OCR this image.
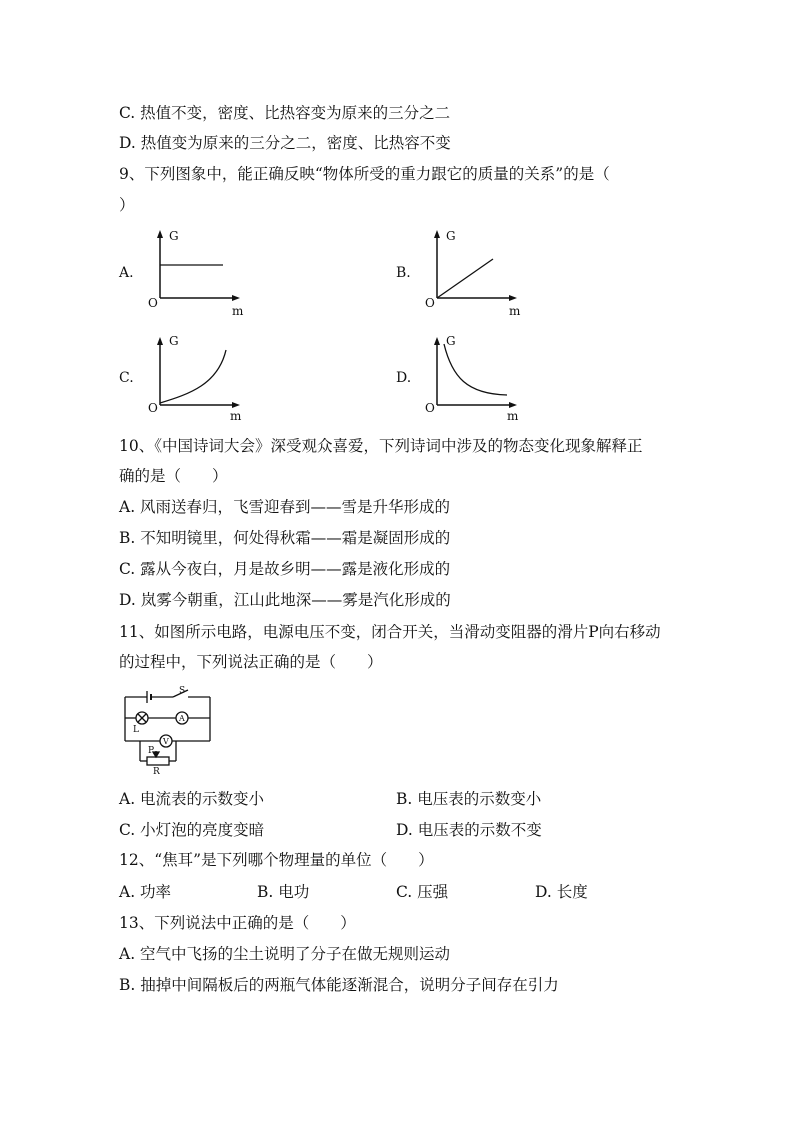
C. 热值不变，密度、比热容变为原来的三分之二
D. 热值变为原来的三分之二，密度、比热容不变
9、下列图象中，能正确反映“物体所受的重力跟它的质量的关系”的是（
）
A.
G
O
m
B.
G
O
m
C.
G
O
m
D.
G
O
m
10、《中国诗词大会》深受观众喜爱，下列诗词中涉及的物态变化现象解释正
确的是（　　）
A. 风雨送春归，飞雪迎春到——雪是升华形成的
B. 不知明镜里，何处得秋霜——霜是凝固形成的
C. 露从今夜白，月是故乡明——露是液化形成的
D. 岚雾今朝重，江山此地深——雾是汽化形成的
11、如图所示电路，电源电压不变，闭合开关，当滑动变阻器的滑片P向右移动
的过程中，下列说法正确的是（　　）
S
A
L
V
P
R
A. 电流表的示数变小	B. 电压表的示数变小
C. 小灯泡的亮度变暗	D. 电压表的示数不变
12、“焦耳”是下列哪个物理量的单位（　　）
A. 功率	B. 电功	C. 压强	D. 长度
13、下列说法中正确的是（　　）
A. 空气中飞扬的尘土说明了分子在做无规则运动
B. 抽掉中间隔板后的两瓶气体能逐渐混合，说明分子间存在引力
